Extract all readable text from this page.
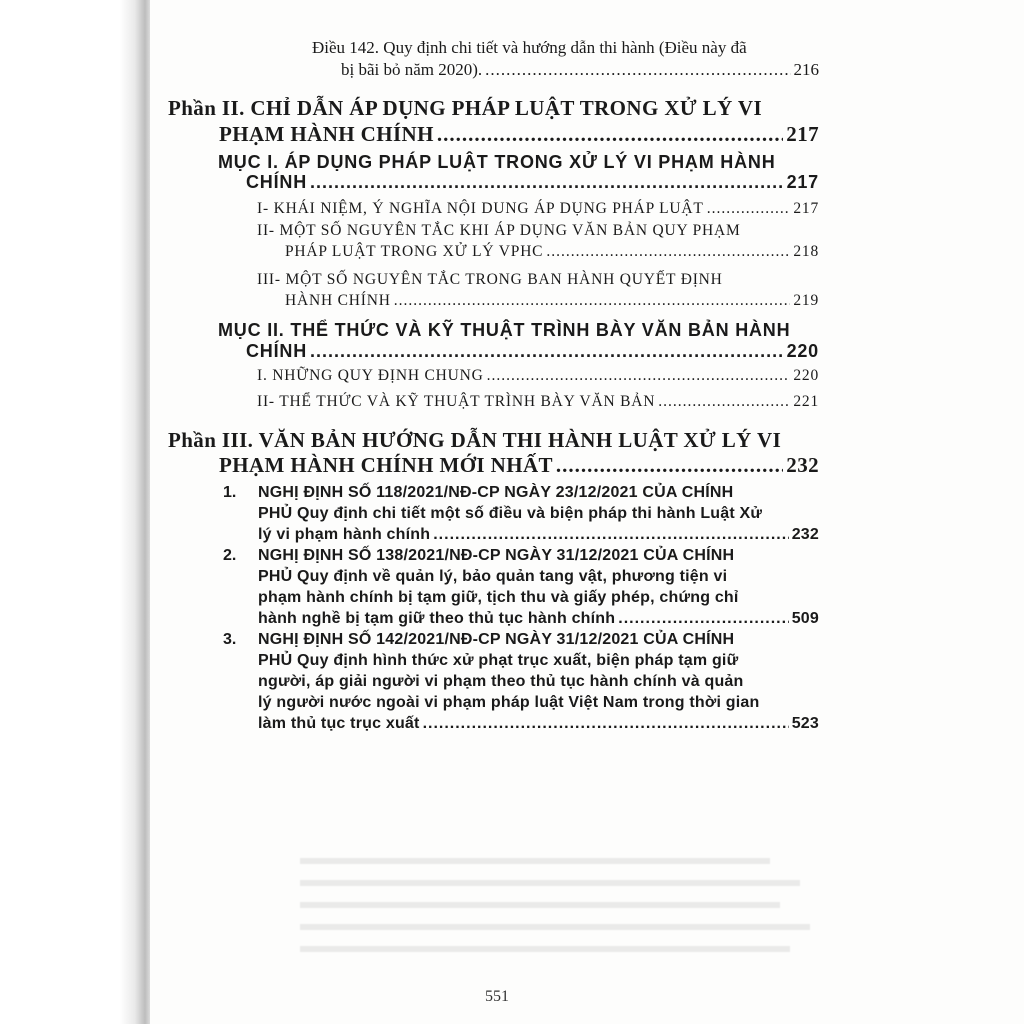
Điều 142. Quy định chi tiết và hướng dẫn thi hành (Điều này đã
bị bãi bỏ năm 2020). .....	216
Phần II. CHỈ DẪN ÁP DỤNG PHÁP LUẬT TRONG XỬ LÝ VI
PHẠM HÀNH CHÍNH .....	217
MỤC I. ÁP DỤNG PHÁP LUẬT TRONG XỬ LÝ VI PHẠM HÀNH
CHÍNH .....	217
I- KHÁI NIỆM, Ý NGHĨA NỘI DUNG ÁP DỤNG PHÁP LUẬT .....	217
II- MỘT SỐ NGUYÊN TẮC KHI ÁP DỤNG VĂN BẢN QUY PHẠM
PHÁP LUẬT TRONG XỬ LÝ VPHC .....	218
III- MỘT SỐ NGUYÊN TẮC TRONG BAN HÀNH QUYẾT ĐỊNH
HÀNH CHÍNH .....	219
MỤC II. THỂ THỨC VÀ KỸ THUẬT TRÌNH BÀY VĂN BẢN HÀNH
CHÍNH .....	220
I. NHỮNG QUY ĐỊNH CHUNG .....	220
II- THỂ THỨC VÀ KỸ THUẬT TRÌNH BÀY VĂN BẢN .....	221
Phần III. VĂN BẢN HƯỚNG DẪN THI HÀNH LUẬT XỬ LÝ VI
PHẠM HÀNH CHÍNH MỚI NHẤT .....	232
1. NGHỊ ĐỊNH SỐ 118/2021/NĐ-CP NGÀY 23/12/2021 CỦA CHÍNH
PHỦ Quy định chi tiết một số điều và biện pháp thi hành Luật Xử
lý vi phạm hành chính .....	232
2. NGHỊ ĐỊNH SỐ 138/2021/NĐ-CP NGÀY 31/12/2021 CỦA CHÍNH
PHỦ Quy định về quản lý, bảo quản tang vật, phương tiện vi
phạm hành chính bị tạm giữ, tịch thu và giấy phép, chứng chỉ
hành nghề bị tạm giữ theo thủ tục hành chính .....	509
3. NGHỊ ĐỊNH SỐ 142/2021/NĐ-CP NGÀY 31/12/2021 CỦA CHÍNH
PHỦ Quy định hình thức xử phạt trục xuất, biện pháp tạm giữ
người, áp giải người vi phạm theo thủ tục hành chính và quản
lý người nước ngoài vi phạm pháp luật Việt Nam trong thời gian
làm thủ tục trục xuất .....	523
551
